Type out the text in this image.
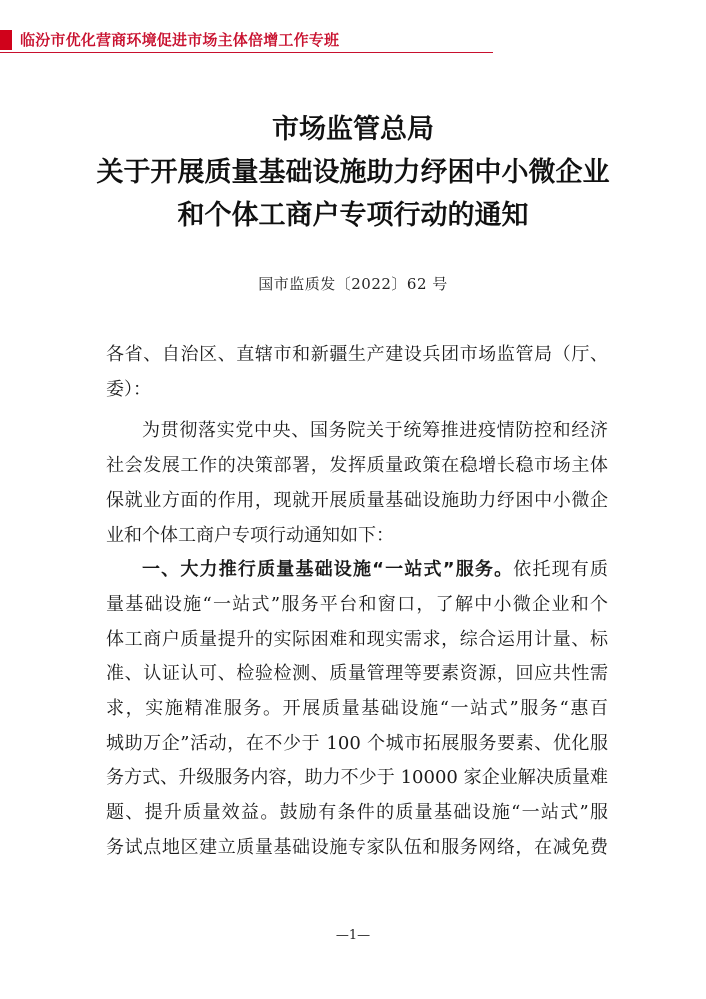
临汾市优化营商环境促进市场主体倍增工作专班
市场监管总局
关于开展质量基础设施助力纾困中小微企业
和个体工商户专项行动的通知
国市监质发〔2022〕62 号
各省、自治区、直辖市和新疆生产建设兵团市场监管局（厅、
委）：
为贯彻落实党中央、国务院关于统筹推进疫情防控和经济
社会发展工作的决策部署，发挥质量政策在稳增长稳市场主体
保就业方面的作用，现就开展质量基础设施助力纾困中小微企
业和个体工商户专项行动通知如下：
一、大力推行质量基础设施“一站式”服务。依托现有质
量基础设施“一站式”服务平台和窗口，了解中小微企业和个
体工商户质量提升的实际困难和现实需求，综合运用计量、标
准、认证认可、检验检测、质量管理等要素资源，回应共性需
求，实施精准服务。开展质量基础设施“一站式”服务“惠百
城助万企”活动，在不少于 100 个城市拓展服务要素、优化服
务方式、升级服务内容，助力不少于 10000 家企业解决质量难
题、提升质量效益。鼓励有条件的质量基础设施“一站式”服
务试点地区建立质量基础设施专家队伍和服务网络，在减免费
—1—
